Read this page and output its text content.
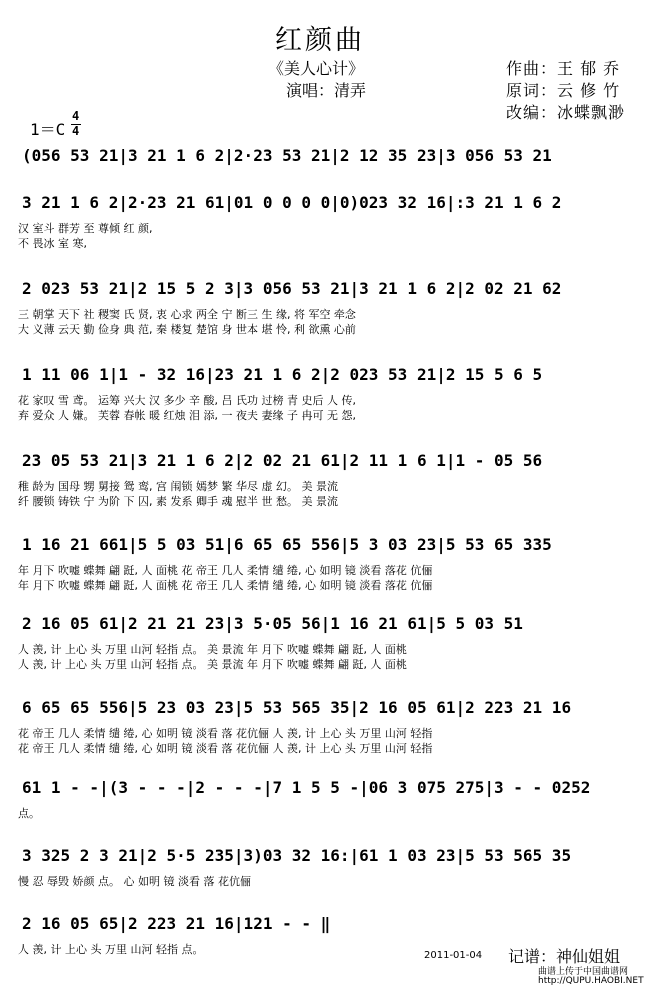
红颜曲
《美人心计》
演唱：清弄
作曲：王 郁 乔
原词：云 修 竹
改编：冰蝶飘渺
1＝C
4
4
(056 53 21|3 21 1 6 2|2·23 53 21|2 12 35 23|3 056 53 21
3 21 1 6 2|2·23 21 61|01 0 0 0 0|0)023 32 16|:3 21 1 6 2
汉 室斗 群芳 至 尊倾 红 颜,
不 畏冰 室 寒,
2 023 53 21|2 15 5 2 3|3 056 53 21|3 21 1 6 2|2 02 21 62
三 朝掌 天下 社 稷窦 氏 贤, 衷 心求 两全 宁 断三 生 缘, 将 军空 牵念
大 义薄 云天 勤 俭身 典 范, 秦 楼复 楚馆 身 世本 堪 怜, 利 欲熏 心前
1 11 06 1|1 - 32 16|23 21 1 6 2|2 023 53 21|2 15 5 6 5
花 家叹 雪 鸢。 运筹 兴大 汉 多少 辛 酸, 吕 氏功 过榜 青 史后 人 传,
弃 爱众 人 嫌。 芙蓉 春帐 暖 红烛 泪 添, 一 夜夫 妻缘 子 冉可 无 怨,
23 05 53 21|3 21 1 6 2|2 02 21 61|2 11 1 6 1|1 - 05 56
稚 龄为 国母 甥 舅接 鸳 鸾, 宫 闱锁 嫣梦 繁 华尽 虚 幻。 美 景流
纤 腰锁 铸铁 宁 为阶 下 囚, 素 发系 卿手 魂 慰半 世 愁。 美 景流
1 16 21 661|5 5 03 51|6 65 65 556|5 3 03 23|5 53 65 335
年 月下 吹嘘 蝶舞 翩 跹, 人 面桃 花 帝王 几人 柔情 缱 绻, 心 如明 镜 淡看 落花 伉俪
年 月下 吹嘘 蝶舞 翩 跹, 人 面桃 花 帝王 几人 柔情 缱 绻, 心 如明 镜 淡看 落花 伉俪
2 16 05 61|2 21 21 23|3 5·05 56|1 16 21 61|5 5 03 51
人 羡, 计 上心 头 万里 山河 轻指 点。 美 景流 年 月下 吹嘘 蝶舞 翩 跹, 人 面桃
人 羡, 计 上心 头 万里 山河 轻指 点。 美 景流 年 月下 吹嘘 蝶舞 翩 跹, 人 面桃
6 65 65 556|5 23 03 23|5 53 565 35|2 16 05 61|2 223 21 16
花 帝王 几人 柔情 缱 绻, 心 如明 镜 淡看 落 花伉俪 人 羡, 计 上心 头 万里 山河 轻指
花 帝王 几人 柔情 缱 绻, 心 如明 镜 淡看 落 花伉俪 人 羡, 计 上心 头 万里 山河 轻指
61 1 - -|(3 - - -|2 - - -|7 1 5 5 -|06 3 075 275|3 - - 0252
点。
3 325 2 3 21|2 5·5 235|3)03 32 16:|61 1 03 23|5 53 565 35
慢 忍 辱毁 娇颜 点。 心 如明 镜 淡看 落 花伉俪
2 16 05 65|2 223 21 16|121 - - ‖
人 羡, 计 上心 头 万里 山河 轻指 点。	2011-01-04 记谱：神仙姐姐
曲谱上传于中国曲谱网
http://QUPU.HAOBI.NET
